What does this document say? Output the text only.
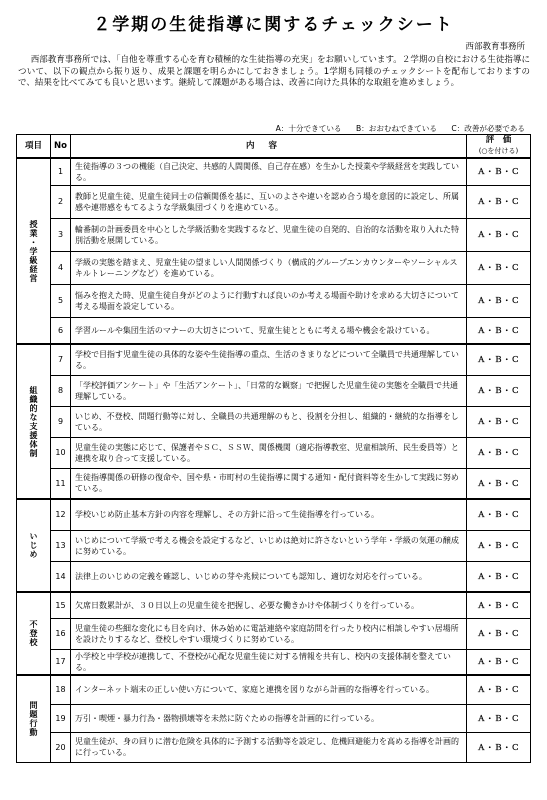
２学期の生徒指導に関するチェックシート
西部教育事務所

西部教育事務所では、「自他を尊重する心を育む積極的な生徒指導の充実」をお願いしています。２学期の自校における生徒指導について、以下の観点から振り返り、成果と課題を明らかにしておきましょう。1学期も同様のチェックシートを配布しておりますので、結果を比べてみても良いと思います。継続して課題がある場合は、改善に向けた具体的な取組を進めましょう。

A：十分できている B：おおむねできている C：改善が必要である
項目	No	内容	評　価
(○を付ける)

授業・学級経営	1	生徒指導の３つの機能（自己決定、共感的人間関係、自己存在感）を生かした授業や学級経営を実践している。	Ａ・Ｂ・Ｃ
	2	教師と児童生徒、児童生徒同士の信頼関係を基に、互いのよさや違いを認め合う場を意図的に設定し、所属感や連帯感をもてるような学級集団づくりを進めている。	Ａ・Ｂ・Ｃ
	3	輪番制の計画委員を中心とした学級活動を実践するなど、児童生徒の自発的、自治的な活動を取り入れた特別活動を展開している。	Ａ・Ｂ・Ｃ
	4	学級の実態を踏まえ、児童生徒の望ましい人間関係づくり（構成的グループエンカウンターやソーシャルスキルトレーニングなど）を進めている。	Ａ・Ｂ・Ｃ
	5	悩みを抱えた時、児童生徒自身がどのように行動すれば良いのか考える場面や助けを求める大切さについて考える場面を設定している。	Ａ・Ｂ・Ｃ
	6	学習ルールや集団生活のマナーの大切さについて、児童生徒とともに考える場や機会を設けている。	Ａ・Ｂ・Ｃ
組織的な支援体制	7	学校で目指す児童生徒の具体的な姿や生徒指導の重点、生活のきまりなどについて全職員で共通理解している。	Ａ・Ｂ・Ｃ
	8	「学校評価アンケート」や「生活アンケート」、「日常的な観察」で把握した児童生徒の実態を全職員で共通理解している。	Ａ・Ｂ・Ｃ
	9	いじめ、不登校、問題行動等に対し、全職員の共通理解のもと、役割を分担し、組織的・継続的な指導をしている。	Ａ・Ｂ・Ｃ
	10	児童生徒の実態に応じて、保護者やＳＣ、ＳＳＷ、関係機関（適応指導教室、児童相談所、民生委員等）と連携を取り合って支援している。	Ａ・Ｂ・Ｃ
	11	生徒指導関係の研修の復命や、国や県・市町村の生徒指導に関する通知・配付資料等を生かして実践に努めている。	Ａ・Ｂ・Ｃ
いじめ	12	学校いじめ防止基本方針の内容を理解し、その方針に沿って生徒指導を行っている。	Ａ・Ｂ・Ｃ
	13	いじめについて学級で考える機会を設定するなど、いじめは絶対に許さないという学年・学級の気運の醸成に努めている。	Ａ・Ｂ・Ｃ
	14	法律上のいじめの定義を確認し、いじめの芽や兆候についても認知し、適切な対応を行っている。	Ａ・Ｂ・Ｃ
不登校	15	欠席日数累計が、３０日以上の児童生徒を把握し、必要な働きかけや体制づくりを行っている。	Ａ・Ｂ・Ｃ
	16	児童生徒の些細な変化にも目を向け、休み始めに電話連絡や家庭訪問を行ったり校内に相談しやすい居場所を設けたりするなど、登校しやすい環境づくりに努めている。	Ａ・Ｂ・Ｃ
	17	小学校と中学校が連携して、不登校が心配な児童生徒に対する情報を共有し、校内の支援体制を整えている。	Ａ・Ｂ・Ｃ
問題行動	18	インターネット端末の正しい使い方について、家庭と連携を図りながら計画的な指導を行っている。	Ａ・Ｂ・Ｃ
	19	万引・喫煙・暴力行為・器物損壊等を未然に防ぐための指導を計画的に行っている。	Ａ・Ｂ・Ｃ
	20	児童生徒が、身の回りに潜む危険を具体的に予測する活動等を設定し、危機回避能力を高める指導を計画的に行っている。	Ａ・Ｂ・Ｃ
